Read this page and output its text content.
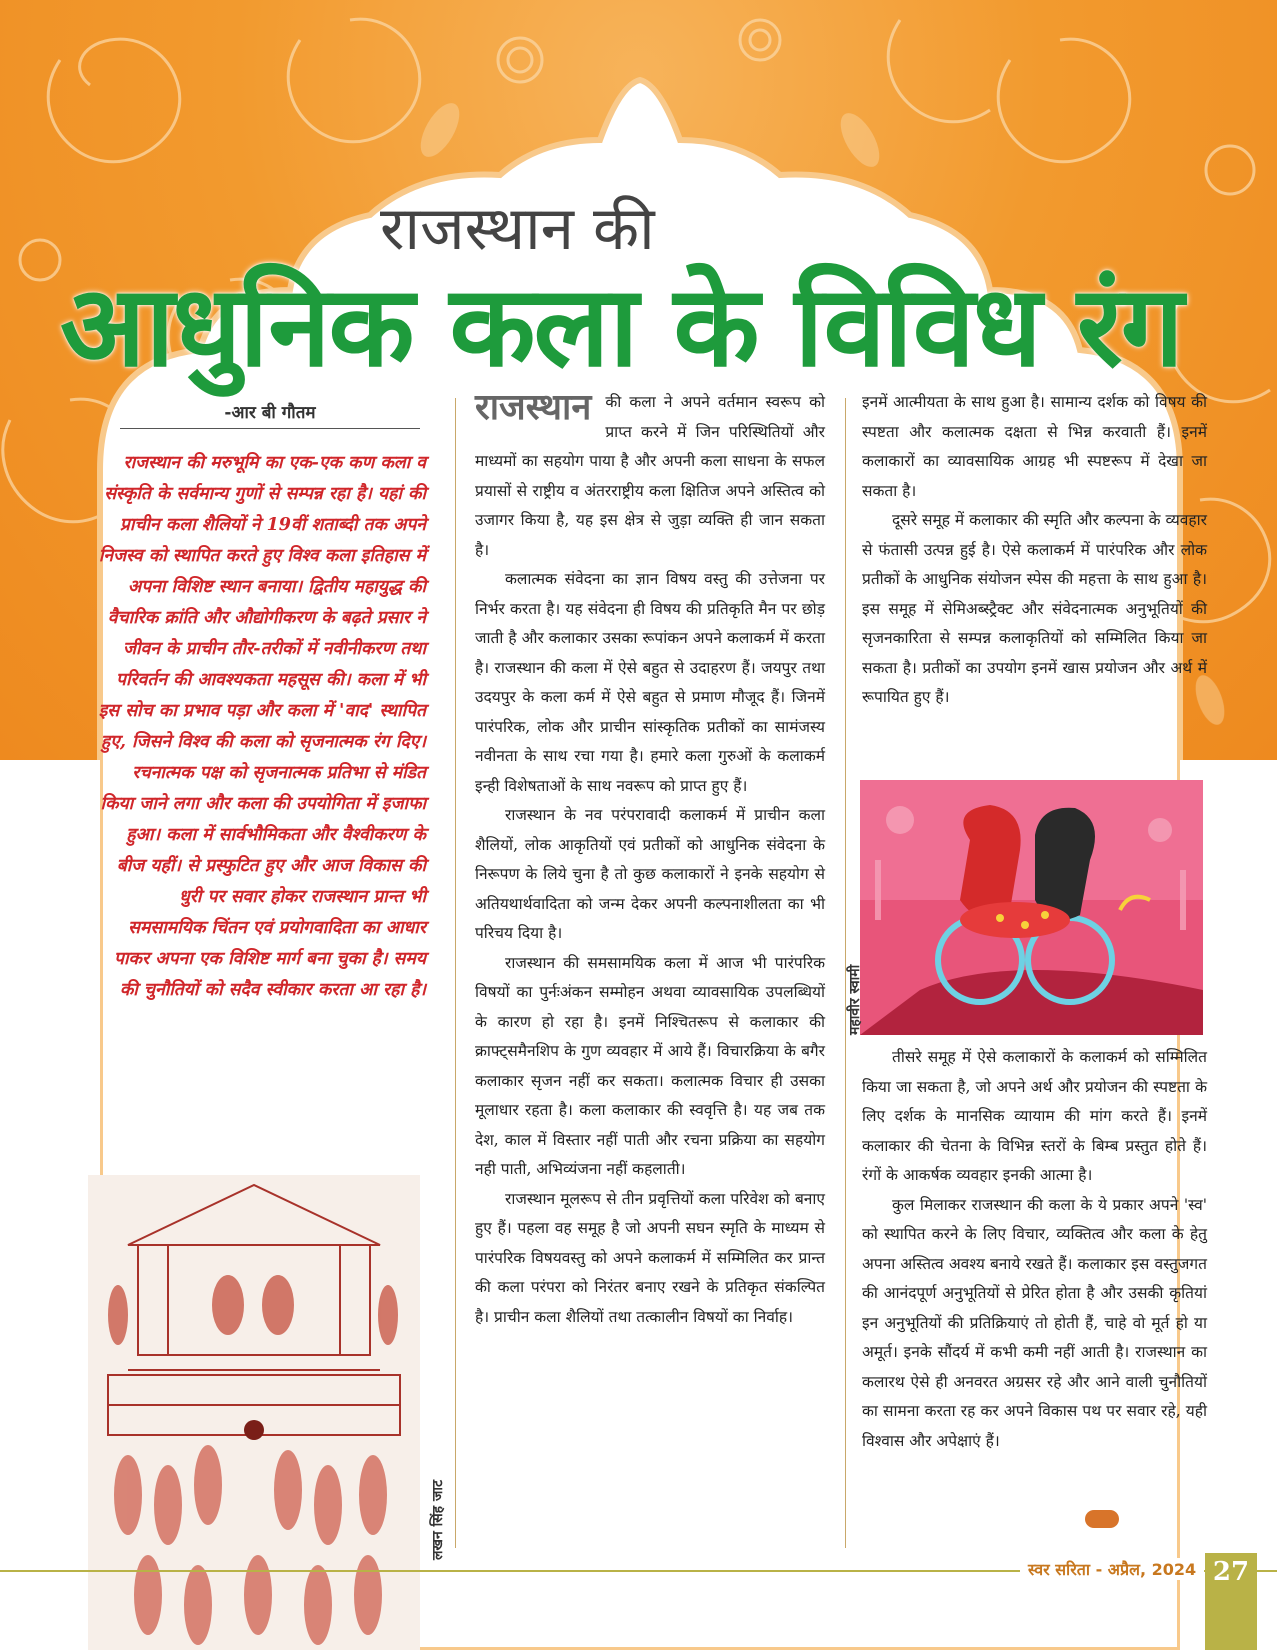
राजस्थान की
आधुनिक कला के विविध रंग
-आर बी गौतम
राजस्थान की मरुभूमि का एक-एक कण कला व संस्कृति के सर्वमान्य गुणों से सम्पन्न रहा है। यहां की प्राचीन कला शैलियों ने 19वीं शताब्दी तक अपने निजस्व को स्थापित करते हुए विश्व कला इतिहास में अपना विशिष्ट स्थान बनाया। द्वितीय महायुद्ध की वैचारिक क्रांति और औद्योगीकरण के बढ़ते प्रसार ने जीवन के प्राचीन तौर-तरीकों में नवीनीकरण तथा परिवर्तन की आवश्यकता महसूस की। कला में भी इस सोच का प्रभाव पड़ा और कला में 'वाद' स्थापित हुए, जिसने विश्व की कला को सृजनात्मक रंग दिए। रचनात्मक पक्ष को सृजनात्मक प्रतिभा से मंडित किया जाने लगा और कला की उपयोगिता में इजाफा हुआ। कला में सार्वभौमिकता और वैश्वीकरण के बीज यहीं। से प्रस्फुटित हुए और आज विकास की धुरी पर सवार होकर राजस्थान प्रान्त भी समसामयिक चिंतन एवं प्रयोगवादिता का आधार पाकर अपना एक विशिष्ट मार्ग बना चुका है। समय की चुनौतियों को सदैव स्वीकार करता आ रहा है।

राजस्थान की कला ने अपने वर्तमान स्वरूप को प्राप्त करने में जिन परिस्थितियों और माध्यमों का सहयोग पाया है और अपनी कला साधना के सफल प्रयासों से राष्ट्रीय व अंतरराष्ट्रीय कला क्षितिज अपने अस्तित्व को उजागर किया है, यह इस क्षेत्र से जुड़ा व्यक्ति ही जान सकता है।

कलात्मक संवेदना का ज्ञान विषय वस्तु की उत्तेजना पर निर्भर करता है। यह संवेदना ही विषय की प्रतिकृति मैन पर छोड़ जाती है और कलाकार उसका रूपांकन अपने कलाकर्म में करता है। राजस्थान की कला में ऐसे बहुत से उदाहरण हैं। जयपुर तथा उदयपुर के कला कर्म में ऐसे बहुत से प्रमाण मौजूद हैं। जिनमें पारंपरिक, लोक और प्राचीन सांस्कृतिक प्रतीकों का सामंजस्य नवीनता के साथ रचा गया है। हमारे कला गुरुओं के कलाकर्म इन्ही विशेषताओं के साथ नवरूप को प्राप्त हुए हैं।

राजस्थान के नव परंपरावादी कलाकर्म में प्राचीन कला शैलियों, लोक आकृतियों एवं प्रतीकों को आधुनिक संवेदना के निरूपण के लिये चुना है तो कुछ कलाकारों ने इनके सहयोग से अतियथार्थवादिता को जन्म देकर अपनी कल्पनाशीलता का भी परिचय दिया है।

राजस्थान की समसामयिक कला में आज भी पारंपरिक विषयों का पुर्नःअंकन सम्मोहन अथवा व्यावसायिक उपलब्धियों के कारण हो रहा है। इनमें निश्चितरूप से कलाकार की क्राफ्ट्समैनशिप के गुण व्यवहार में आये हैं। विचारक्रिया के बगैर कलाकार सृजन नहीं कर सकता। कलात्मक विचार ही उसका मूलाधार रहता है। कला कलाकार की स्ववृत्ति है। यह जब तक देश, काल में विस्तार नहीं पाती और रचना प्रक्रिया का सहयोग नही पाती, अभिव्यंजना नहीं कहलाती।

राजस्थान मूलरूप से तीन प्रवृत्तियों कला परिवेश को बनाए हुए हैं। पहला वह समूह है जो अपनी सघन स्मृति के माध्यम से पारंपरिक विषयवस्तु को अपने कलाकर्म में सम्मिलित कर प्रान्त की कला परंपरा को निरंतर बनाए रखने के प्रतिकृत संकल्पित है। प्राचीन कला शैलियों तथा तत्कालीन विषयों का निर्वाह।

इनमें आत्मीयता के साथ हुआ है। सामान्य दर्शक को विषय की स्पष्टता और कलात्मक दक्षता से भिन्न करवाती हैं। इनमें कलाकारों का व्यावसायिक आग्रह भी स्पष्टरूप में देखा जा सकता है।

दूसरे समूह में कलाकार की स्मृति और कल्पना के व्यवहार से फंतासी उत्पन्न हुई है। ऐसे कलाकर्म में पारंपरिक और लोक प्रतीकों के आधुनिक संयोजन स्पेस की महत्ता के साथ हुआ है। इस समूह में सेमिअब्स्ट्रैक्ट और संवेदनात्मक अनुभूतियों की सृजनकारिता से सम्पन्न कलाकृतियों को सम्मिलित किया जा सकता है। प्रतीकों का उपयोग इनमें खास प्रयोजन और अर्थ में रूपायित हुए हैं।

महावीर स्वामी

तीसरे समूह में ऐसे कलाकारों के कलाकर्म को सम्मिलित किया जा सकता है, जो अपने अर्थ और प्रयोजन की स्पष्टता के लिए दर्शक के मानसिक व्यायाम की मांग करते हैं। इनमें कलाकार की चेतना के विभिन्न स्तरों के बिम्ब प्रस्तुत होते हैं। रंगों के आकर्षक व्यवहार इनकी आत्मा है।

कुल मिलाकर राजस्थान की कला के ये प्रकार अपने 'स्व' को स्थापित करने के लिए विचार, व्यक्तित्व और कला के हेतु अपना अस्तित्व अवश्य बनाये रखते हैं। कलाकार इस वस्तुजगत की आनंदपूर्ण अनुभूतियों से प्रेरित होता है और उसकी कृतियां इन अनुभूतियों की प्रतिक्रियाएं तो होती हैं, चाहे वो मूर्त हो या अमूर्त। इनके सौंदर्य में कभी कमी नहीं आती है। राजस्थान का कलारथ ऐसे ही अनवरत अग्रसर रहे और आने वाली चुनौतियों का सामना करता रह कर अपने विकास पथ पर सवार रहे, यही विश्वास और अपेक्षाएं हैं।

लखन सिंह जाट
स्वर सरिता - अप्रैल, 2024 27
